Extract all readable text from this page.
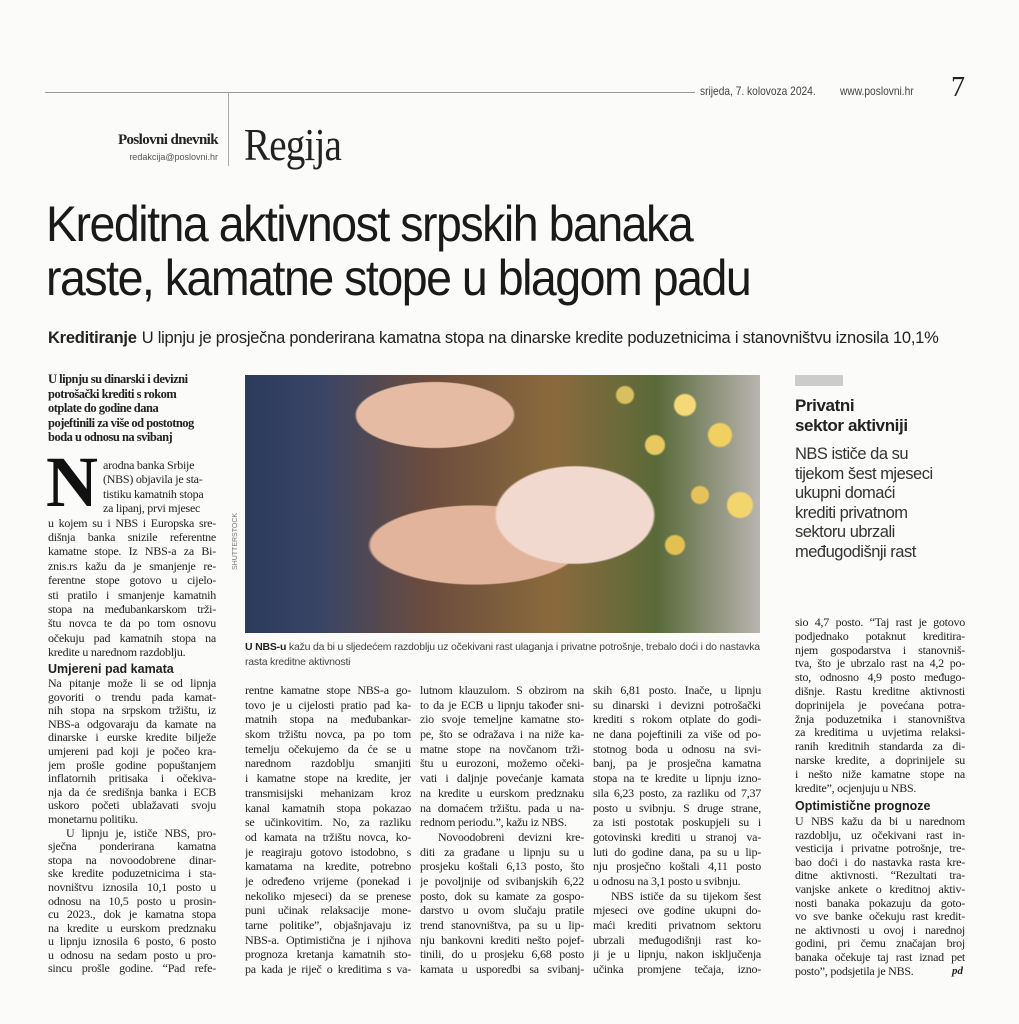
srijeda, 7. kolovoza 2024. www.poslovni.hr 7
Poslovni dnevnik
redakcija@poslovni.hr Regija
Kreditna aktivnost srpskih banaka
raste, kamatne stope u blagom padu
Kreditiranje U lipnju je prosječna ponderirana kamatna stopa na dinarske kredite poduzetnicima i stanovništvu iznosila 10,1%
U lipnju su dinarski i devizni
potrošački krediti s rokom
otplate do godine dana
pojeftinili za više od postotnog
boda u odnosu na svibanj
N arodna banka Srbije
(NBS) objavila je sta-
tistiku kamatnih stopa
za lipanj, prvi mjesec
u kojem su i NBS i Europska sre-
dišnja banka snizile referentne
kamatne stope. Iz NBS-a za Bi-
znis.rs kažu da je smanjenje re-
ferentne stope gotovo u cijelo-
sti pratilo i smanjenje kamatnih
stopa na međubankarskom trži-
štu novca te da po tom osnovu
očekuju pad kamatnih stopa na
kredite u narednom razdoblju.
Umjereni pad kamata
Na pitanje može li se od lipnja
govoriti o trendu pada kamat-
nih stopa na srpskom tržištu, iz
NBS-a odgovaraju da kamate na
dinarske i eurske kredite bilježe
umjereni pad koji je počeo kra-
jem prošle godine popuštanjem
inflatornih pritisaka i očekiva-
nja da će središnja banka i ECB
uskoro početi ublažavati svoju
monetarnu politiku.
U lipnju je, ističe NBS, pro-
sječna ponderirana kamatna
stopa na novoodobrene dinar-
ske kredite poduzetnicima i sta-
novništvu iznosila 10,1 posto u
odnosu na 10,5 posto u prosin-
cu 2023., dok je kamatna stopa
na kredite u eurskom predznaku
u lipnju iznosila 6 posto, 6 posto
u odnosu na sedam posto u pro-
sincu prošle godine. “Pad refe-
SHUTTERSTOCK
U NBS-u kažu da bi u sljedećem razdoblju uz očekivani rast ulaganja i privatne potrošnje, trebalo doći i do nastavka rasta kreditne aktivnosti
rentne kamatne stope NBS-a go-
tovo je u cijelosti pratio pad ka-
matnih stopa na međubankar-
skom tržištu novca, pa po tom
temelju očekujemo da će se u
narednom razdoblju smanjiti
i kamatne stope na kredite, jer
transmisijski mehanizam kroz
kanal kamatnih stopa pokazao
se učinkovitim. No, za razliku
od kamata na tržištu novca, ko-
je reagiraju gotovo istodobno, s
kamatama na kredite, potrebno
je određeno vrijeme (ponekad i
nekoliko mjeseci) da se prenese
puni učinak relaksacije mone-
tarne politike”, objašnjavaju iz
NBS-a. Optimistična je i njihova
prognoza kretanja kamatnih sto-
pa kada je riječ o kreditima s va-
lutnom klauzulom. S obzirom na
to da je ECB u lipnju također sni-
zio svoje temeljne kamatne sto-
pe, što se odražava i na niže ka-
matne stope na novčanom trži-
štu u eurozoni, možemo očeki-
vati i daljnje povećanje kamata
na kredite u eurskom predznaku
na domaćem tržištu. pada u na-
rednom periodu.”, kažu iz NBS.
Novoodobreni devizni kre-
diti za građane u lipnju su u
prosjeku koštali 6,13 posto, što
je povoljnije od svibanjskih 6,22
posto, dok su kamate za gospo-
darstvo u ovom slučaju pratile
trend stanovništva, pa su u lip-
nju bankovni krediti nešto pojef-
tinili, do u prosjeku 6,68 posto
kamata u usporedbi sa svibanj-
skih 6,81 posto. Inače, u lipnju
su dinarski i devizni potrošački
krediti s rokom otplate do godi-
ne dana pojeftinili za više od po-
stotnog boda u odnosu na svi-
banj, pa je prosječna kamatna
stopa na te kredite u lipnju izno-
sila 6,23 posto, za razliku od 7,37
posto u svibnju. S druge strane,
za isti postotak poskupjeli su i
gotovinski krediti u stranoj va-
luti do godine dana, pa su u lip-
nju prosječno koštali 4,11 posto
u odnosu na 3,1 posto u svibnju.
NBS ističe da su tijekom šest
mjeseci ove godine ukupni do-
maći krediti privatnom sektoru
ubrzali međugodišnji rast ko-
ji je u lipnju, nakon isključenja
učinka promjene tečaja, izno-
Privatni
sektor aktivniji
NBS ističe da su
tijekom šest mjeseci
ukupni domaći
krediti privatnom
sektoru ubrzali
međugodišnji rast
sio 4,7 posto. “Taj rast je gotovo
podjednako potaknut kreditira-
njem gospodarstva i stanovniš-
tva, što je ubrzalo rast na 4,2 po-
sto, odnosno 4,9 posto međugo-
dišnje. Rastu kreditne aktivnosti
doprinijela je povećana potra-
žnja poduzetnika i stanovništva
za kreditima u uvjetima relaksi-
ranih kreditnih standarda za di-
narske kredite, a doprinijele su
i nešto niže kamatne stope na
kredite”, ocjenjuju u NBS.
Optimistične prognoze
U NBS kažu da bi u narednom
razdoblju, uz očekivani rast in-
vesticija i privatne potrošnje, tre-
bao doći i do nastavka rasta kre-
ditne aktivnosti. “Rezultati tra-
vanjske ankete o kreditnoj aktiv-
nosti banaka pokazuju da goto-
vo sve banke očekuju rast kredit-
ne aktivnosti u ovoj i narednoj
godini, pri čemu značajan broj
banaka očekuje taj rast iznad pet
posto”, podsjetila je NBS.	pd
